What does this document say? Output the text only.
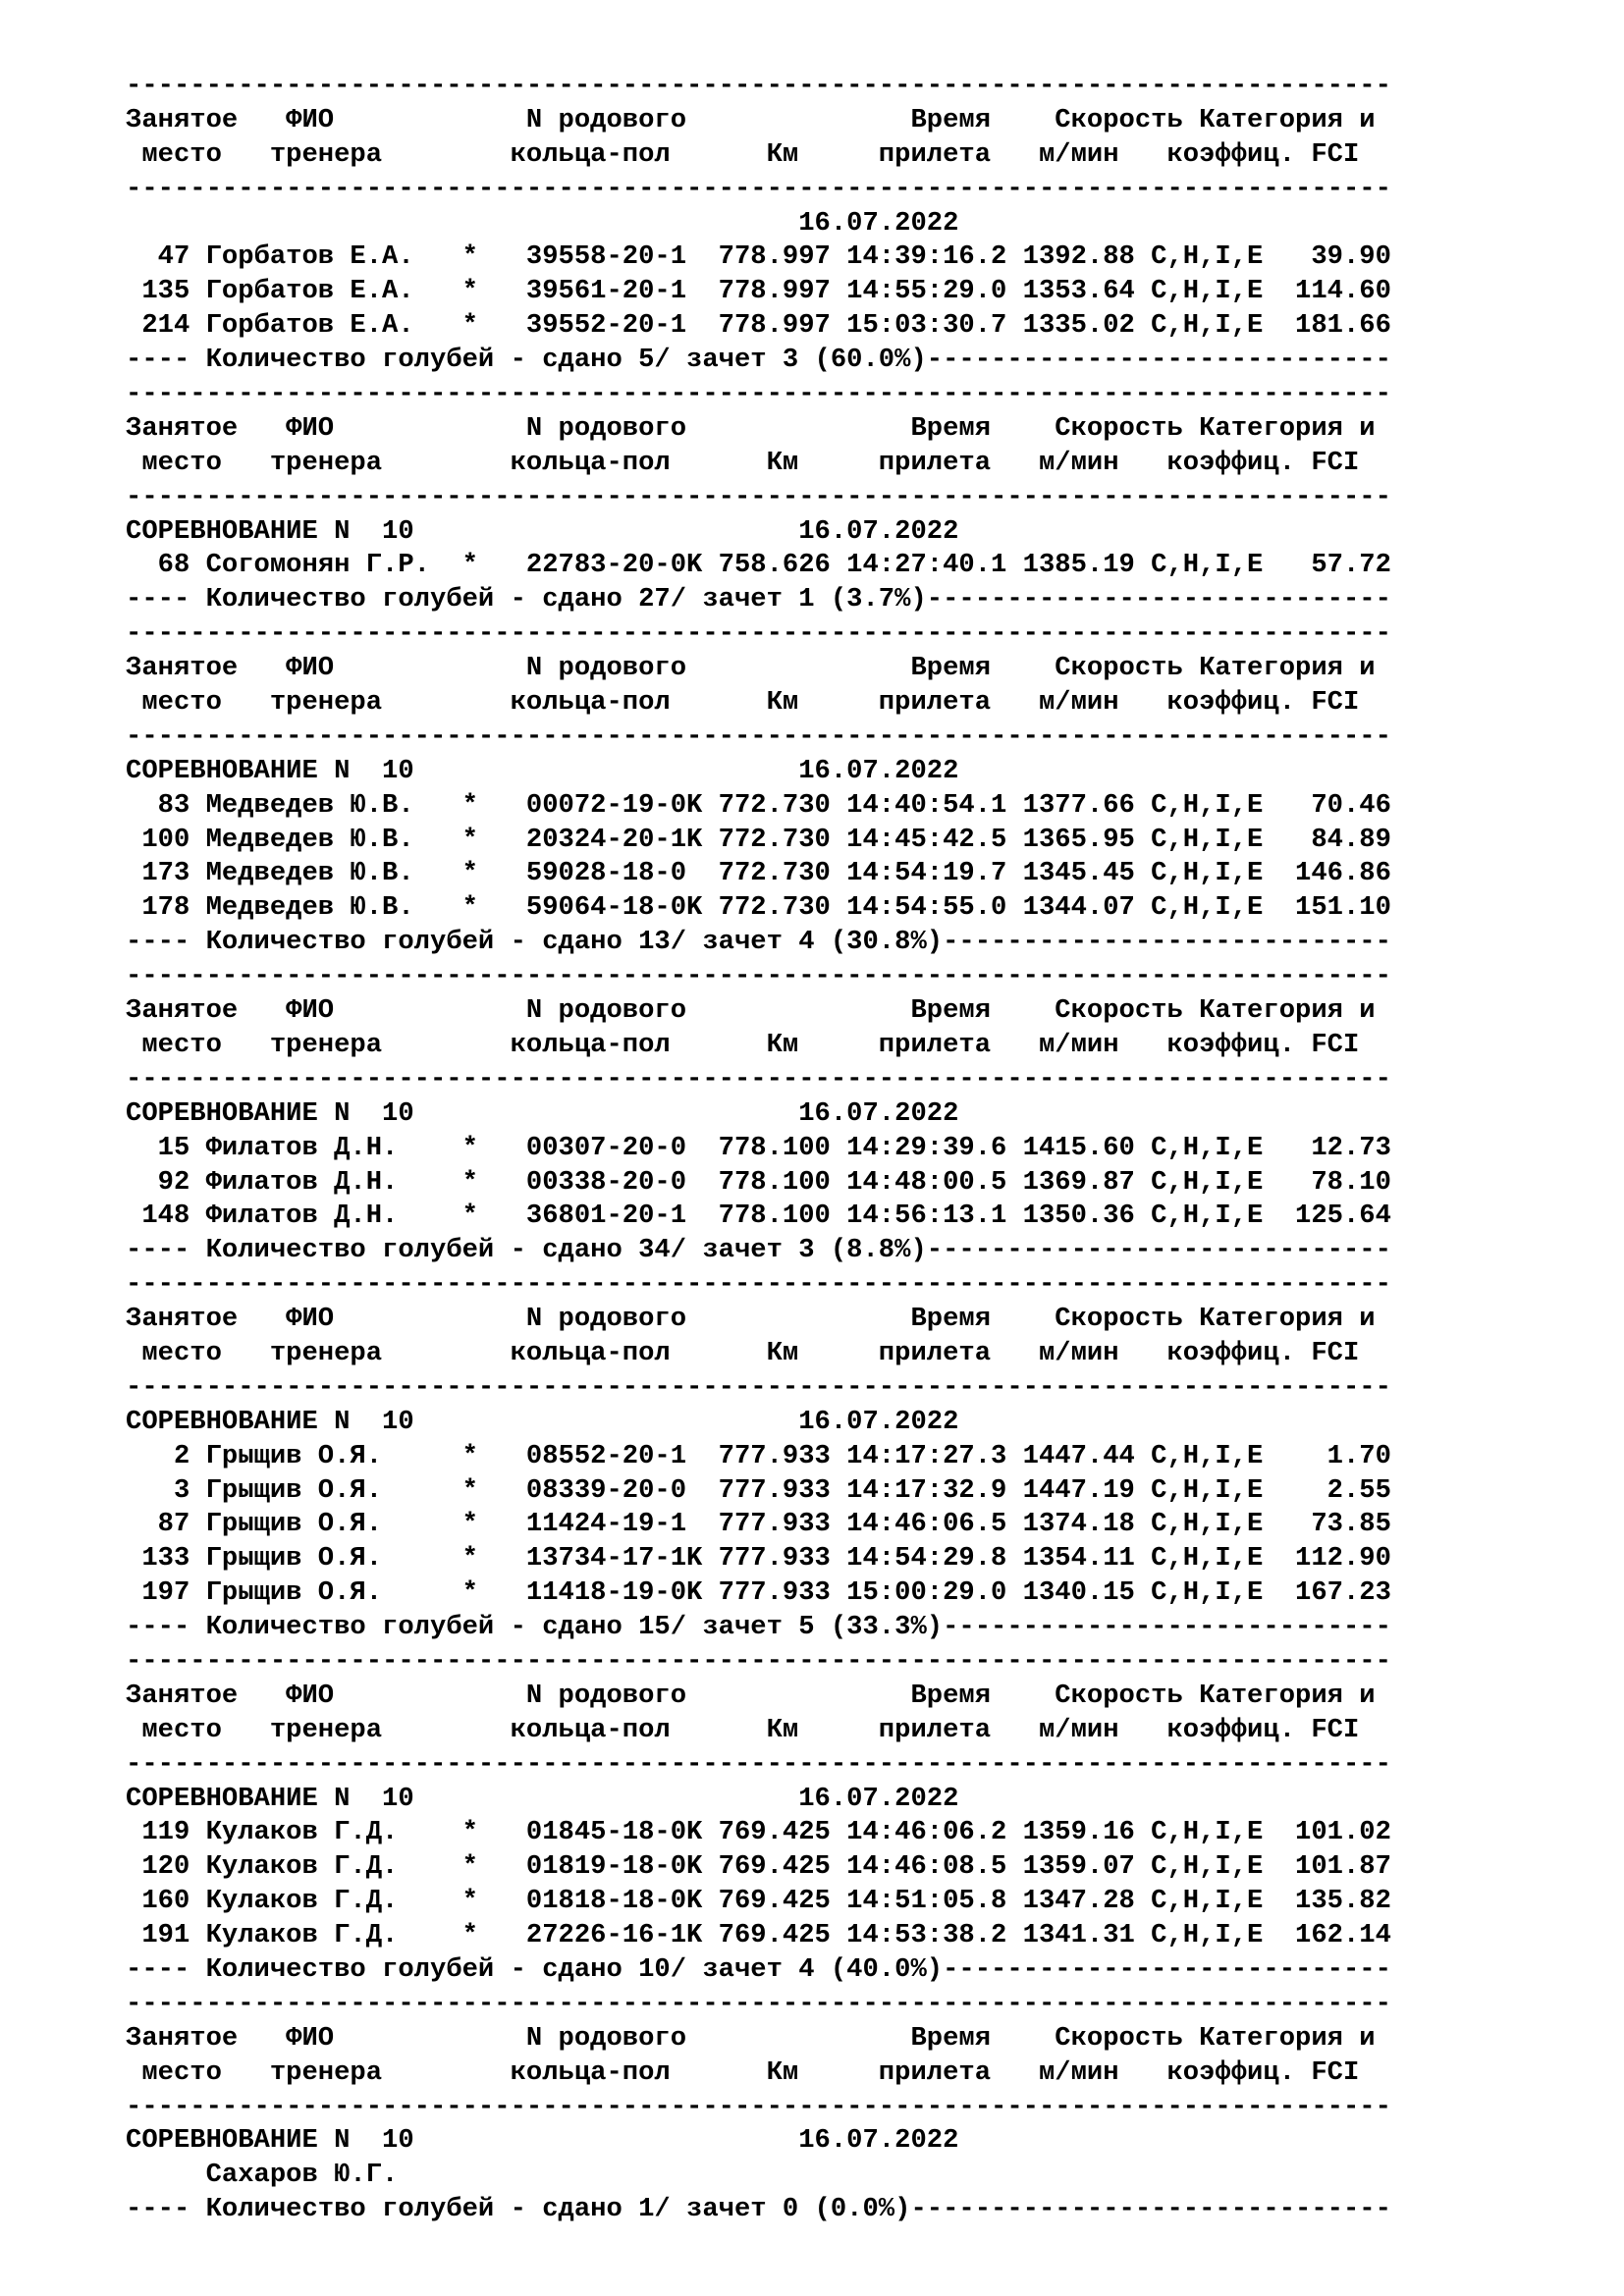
-------------------------------------------------------------------------------
Занятое   ФИО            N родового              Время    Скорость Категория и
место   тренера        кольца-пол      Км     прилета   м/мин   коэффиц. FCI
-------------------------------------------------------------------------------
16.07.2022
47 Горбатов Е.А.   *   39558-20-1  778.997 14:39:16.2 1392.88 C,H,I,E   39.90
135 Горбатов Е.А.   *   39561-20-1  778.997 14:55:29.0 1353.64 C,H,I,E  114.60
214 Горбатов Е.А.   *   39552-20-1  778.997 15:03:30.7 1335.02 C,H,I,E  181.66
---- Количество голубей - сдано 5/ зачет 3 (60.0%)-----------------------------
-------------------------------------------------------------------------------
Занятое   ФИО            N родового              Время    Скорость Категория и
место   тренера        кольца-пол      Км     прилета   м/мин   коэффиц. FCI
-------------------------------------------------------------------------------
СОРЕВНОВАНИЕ N  10                        16.07.2022
68 Согомонян Г.Р.  *   22783-20-0K 758.626 14:27:40.1 1385.19 C,H,I,E   57.72
---- Количество голубей - сдано 27/ зачет 1 (3.7%)-----------------------------
-------------------------------------------------------------------------------
Занятое   ФИО            N родового              Время    Скорость Категория и
место   тренера        кольца-пол      Км     прилета   м/мин   коэффиц. FCI
-------------------------------------------------------------------------------
СОРЕВНОВАНИЕ N  10                        16.07.2022
83 Медведев Ю.В.   *   00072-19-0K 772.730 14:40:54.1 1377.66 C,H,I,E   70.46
100 Медведев Ю.В.   *   20324-20-1K 772.730 14:45:42.5 1365.95 C,H,I,E   84.89
173 Медведев Ю.В.   *   59028-18-0  772.730 14:54:19.7 1345.45 C,H,I,E  146.86
178 Медведев Ю.В.   *   59064-18-0K 772.730 14:54:55.0 1344.07 C,H,I,E  151.10
---- Количество голубей - сдано 13/ зачет 4 (30.8%)----------------------------
-------------------------------------------------------------------------------
Занятое   ФИО            N родового              Время    Скорость Категория и
место   тренера        кольца-пол      Км     прилета   м/мин   коэффиц. FCI
-------------------------------------------------------------------------------
СОРЕВНОВАНИЕ N  10                        16.07.2022
15 Филатов Д.Н.    *   00307-20-0  778.100 14:29:39.6 1415.60 C,H,I,E   12.73
92 Филатов Д.Н.    *   00338-20-0  778.100 14:48:00.5 1369.87 C,H,I,E   78.10
148 Филатов Д.Н.    *   36801-20-1  778.100 14:56:13.1 1350.36 C,H,I,E  125.64
---- Количество голубей - сдано 34/ зачет 3 (8.8%)-----------------------------
-------------------------------------------------------------------------------
Занятое   ФИО            N родового              Время    Скорость Категория и
место   тренера        кольца-пол      Км     прилета   м/мин   коэффиц. FCI
-------------------------------------------------------------------------------
СОРЕВНОВАНИЕ N  10                        16.07.2022
2 Грыщив О.Я.     *   08552-20-1  777.933 14:17:27.3 1447.44 C,H,I,E    1.70
3 Грыщив О.Я.     *   08339-20-0  777.933 14:17:32.9 1447.19 C,H,I,E    2.55
87 Грыщив О.Я.     *   11424-19-1  777.933 14:46:06.5 1374.18 C,H,I,E   73.85
133 Грыщив О.Я.     *   13734-17-1K 777.933 14:54:29.8 1354.11 C,H,I,E  112.90
197 Грыщив О.Я.     *   11418-19-0K 777.933 15:00:29.0 1340.15 C,H,I,E  167.23
---- Количество голубей - сдано 15/ зачет 5 (33.3%)----------------------------
-------------------------------------------------------------------------------
Занятое   ФИО            N родового              Время    Скорость Категория и
место   тренера        кольца-пол      Км     прилета   м/мин   коэффиц. FCI
-------------------------------------------------------------------------------
СОРЕВНОВАНИЕ N  10                        16.07.2022
119 Кулаков Г.Д.    *   01845-18-0K 769.425 14:46:06.2 1359.16 C,H,I,E  101.02
120 Кулаков Г.Д.    *   01819-18-0K 769.425 14:46:08.5 1359.07 C,H,I,E  101.87
160 Кулаков Г.Д.    *   01818-18-0K 769.425 14:51:05.8 1347.28 C,H,I,E  135.82
191 Кулаков Г.Д.    *   27226-16-1K 769.425 14:53:38.2 1341.31 C,H,I,E  162.14
---- Количество голубей - сдано 10/ зачет 4 (40.0%)----------------------------
-------------------------------------------------------------------------------
Занятое   ФИО            N родового              Время    Скорость Категория и
место   тренера        кольца-пол      Км     прилета   м/мин   коэффиц. FCI
-------------------------------------------------------------------------------
СОРЕВНОВАНИЕ N  10                        16.07.2022
Сахаров Ю.Г.
---- Количество голубей - сдано 1/ зачет 0 (0.0%)------------------------------
